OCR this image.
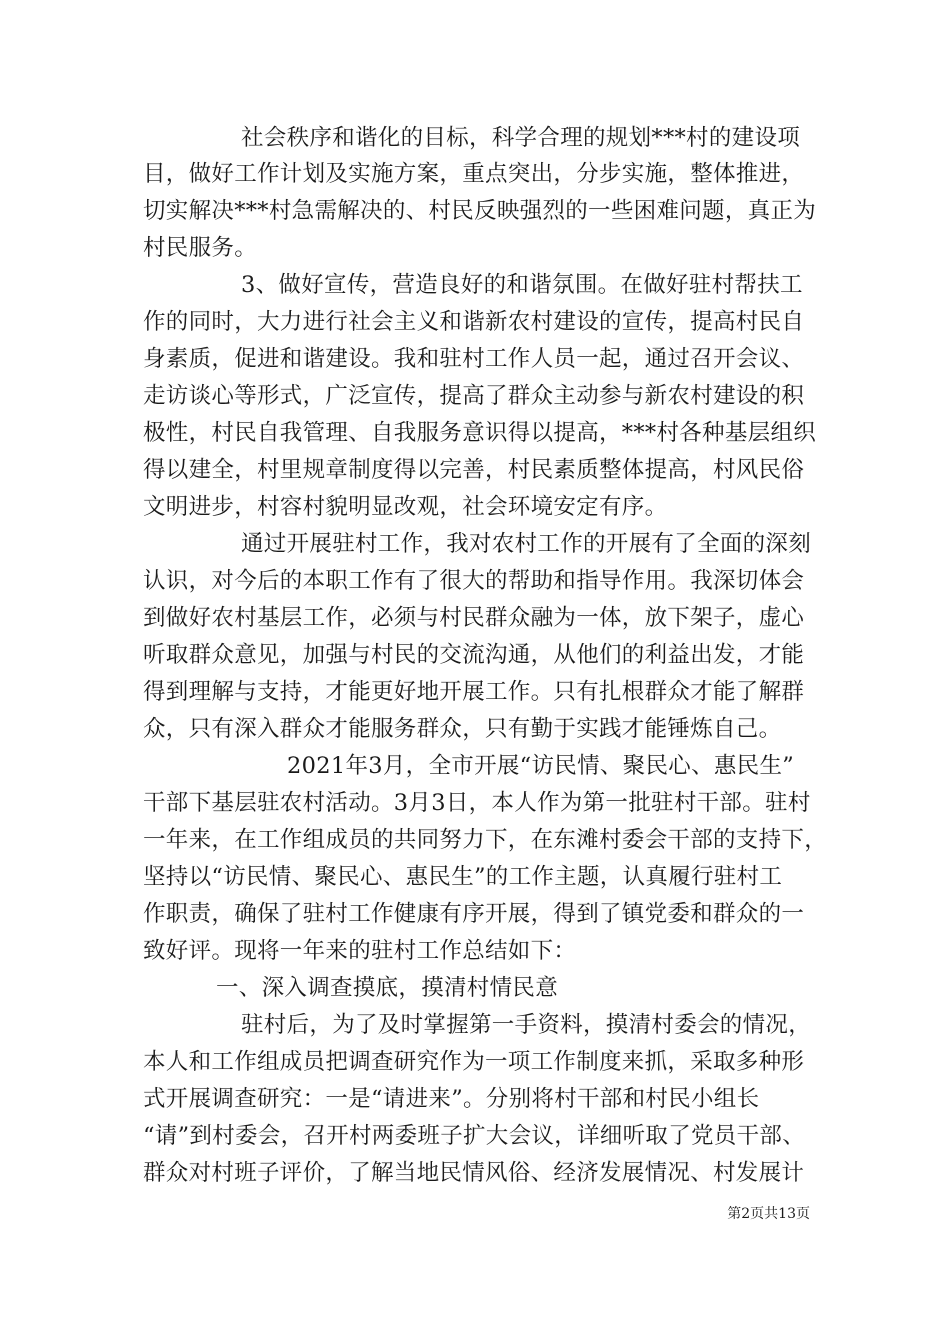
社会秩序和谐化的目标，科学合理的规划***村的建设项
目，做好工作计划及实施方案，重点突出，分步实施，整体推进，
切实解决***村急需解决的、村民反映强烈的一些困难问题，真正为
村民服务。
3、做好宣传，营造良好的和谐氛围。在做好驻村帮扶工
作的同时，大力进行社会主义和谐新农村建设的宣传，提高村民自
身素质，促进和谐建设。我和驻村工作人员一起，通过召开会议、
走访谈心等形式，广泛宣传，提高了群众主动参与新农村建设的积
极性，村民自我管理、自我服务意识得以提高，***村各种基层组织
得以建全，村里规章制度得以完善，村民素质整体提高，村风民俗
文明进步，村容村貌明显改观，社会环境安定有序。
通过开展驻村工作，我对农村工作的开展有了全面的深刻
认识，对今后的本职工作有了很大的帮助和指导作用。我深切体会
到做好农村基层工作，必须与村民群众融为一体，放下架子，虚心
听取群众意见，加强与村民的交流沟通，从他们的利益出发，才能
得到理解与支持，才能更好地开展工作。只有扎根群众才能了解群
众，只有深入群众才能服务群众，只有勤于实践才能锤炼自己。
2021年3月，全市开展“访民情、聚民心、惠民生”
干部下基层驻农村活动。3月3日，本人作为第一批驻村干部。驻村
一年来，在工作组成员的共同努力下，在东滩村委会干部的支持下，
坚持以“访民情、聚民心、惠民生”的工作主题，认真履行驻村工
作职责，确保了驻村工作健康有序开展，得到了镇党委和群众的一
致好评。现将一年来的驻村工作总结如下：
一、深入调查摸底，摸清村情民意
驻村后，为了及时掌握第一手资料，摸清村委会的情况，
本人和工作组成员把调查研究作为一项工作制度来抓，采取多种形
式开展调查研究：一是“请进来”。分别将村干部和村民小组长
“请”到村委会，召开村两委班子扩大会议，详细听取了党员干部、
群众对村班子评价，了解当地民情风俗、经济发展情况、村发展计
第2页共13页
